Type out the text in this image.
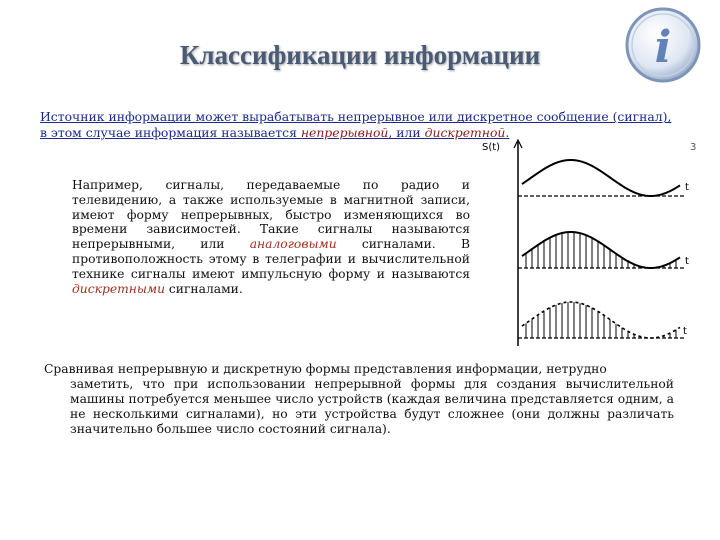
Классификации информации	i

Источник информации может вырабатывать непрерывное или дискретное сообщение (сигнал), в этом случае информация называется непрерывной, или дискретной.

Например, сигналы, передаваемые по радио и телевидению, а также используемые в магнитной записи, имеют форму непрерывных, быстро изменяющихся во времени зависимостей. Такие сигналы называются непрерывными, или аналоговыми сигналами. В противоположность этому в телеграфии и вычислительной технике сигналы имеют импульсную форму и называются дискретными сигналами.
Сравнивая непрерывную и дискретную формы представления информации, нетрудно
заметить, что при использовании непрерывной формы для создания вычислительной машины потребуется меньшее число устройств (каждая величина представляется одним, а не несколькими сигналами), но эти устройства будут сложнее (они должны различать значительно большее число состояний сигнала).
S(t)	3
t
t
t
